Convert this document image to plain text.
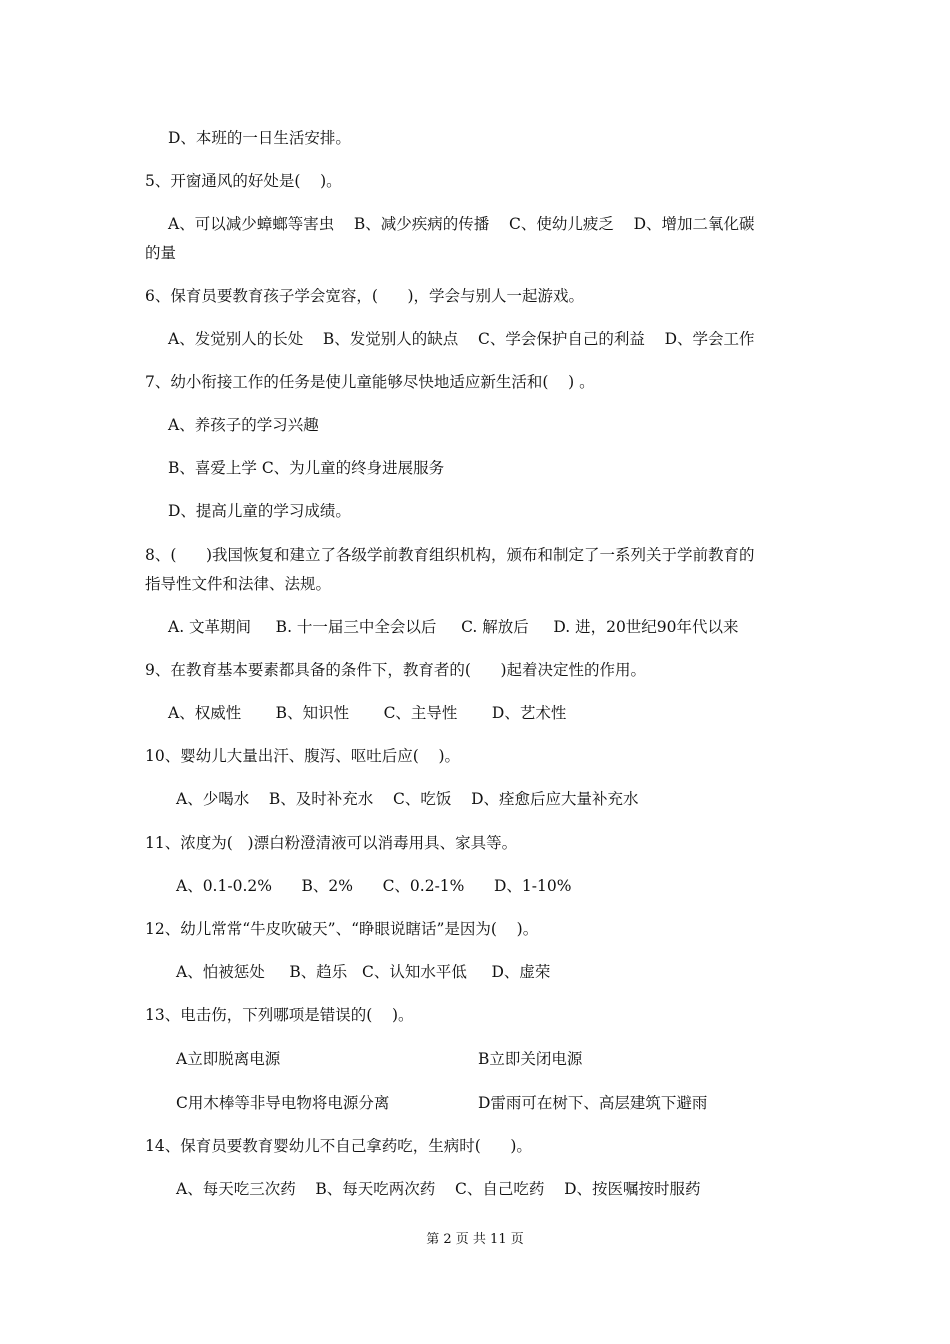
D、本班的一日生活安排。
5、开窗通风的好处是(    )。
A、可以减少蟑螂等害虫    B、减少疾病的传播    C、使幼儿疲乏    D、增加二氧化碳
的量
6、保育员要教育孩子学会宽容，(      )，学会与别人一起游戏。
A、发觉别人的长处    B、发觉别人的缺点    C、学会保护自己的利益    D、学会工作
7、幼小衔接工作的任务是使儿童能够尽快地适应新生活和(    ) 。
A、养孩子的学习兴趣
B、喜爱上学 C、为儿童的终身进展服务
D、提高儿童的学习成绩。
8、(      )我国恢复和建立了各级学前教育组织机构，颁布和制定了一系列关于学前教育的
指导性文件和法律、法规。
A. 文革期间     B. 十一届三中全会以后     C. 解放后     D. 进，20世纪90年代以来
9、在教育基本要素都具备的条件下，教育者的(      )起着决定性的作用。
A、权威性       B、知识性       C、主导性       D、艺术性
10、婴幼儿大量出汗、腹泻、呕吐后应(    )。
A、少喝水    B、及时补充水    C、吃饭    D、痊愈后应大量补充水
11、浓度为(   )漂白粉澄清液可以消毒用具、家具等。
A、0.1-0.2%      B、2%      C、0.2-1%      D、1-10%
12、幼儿常常“牛皮吹破天”、“睁眼说瞎话”是因为(    )。
A、怕被惩处     B、趋乐   C、认知水平低     D、虚荣
13、电击伤，下列哪项是错误的(    )。
A立即脱离电源	B立即关闭电源
C用木棒等非导电物将电源分离	D雷雨可在树下、高层建筑下避雨
14、保育员要教育婴幼儿不自己拿药吃，生病时(      )。
A、每天吃三次药    B、每天吃两次药    C、自己吃药    D、按医嘱按时服药
第 2 页 共 11 页
